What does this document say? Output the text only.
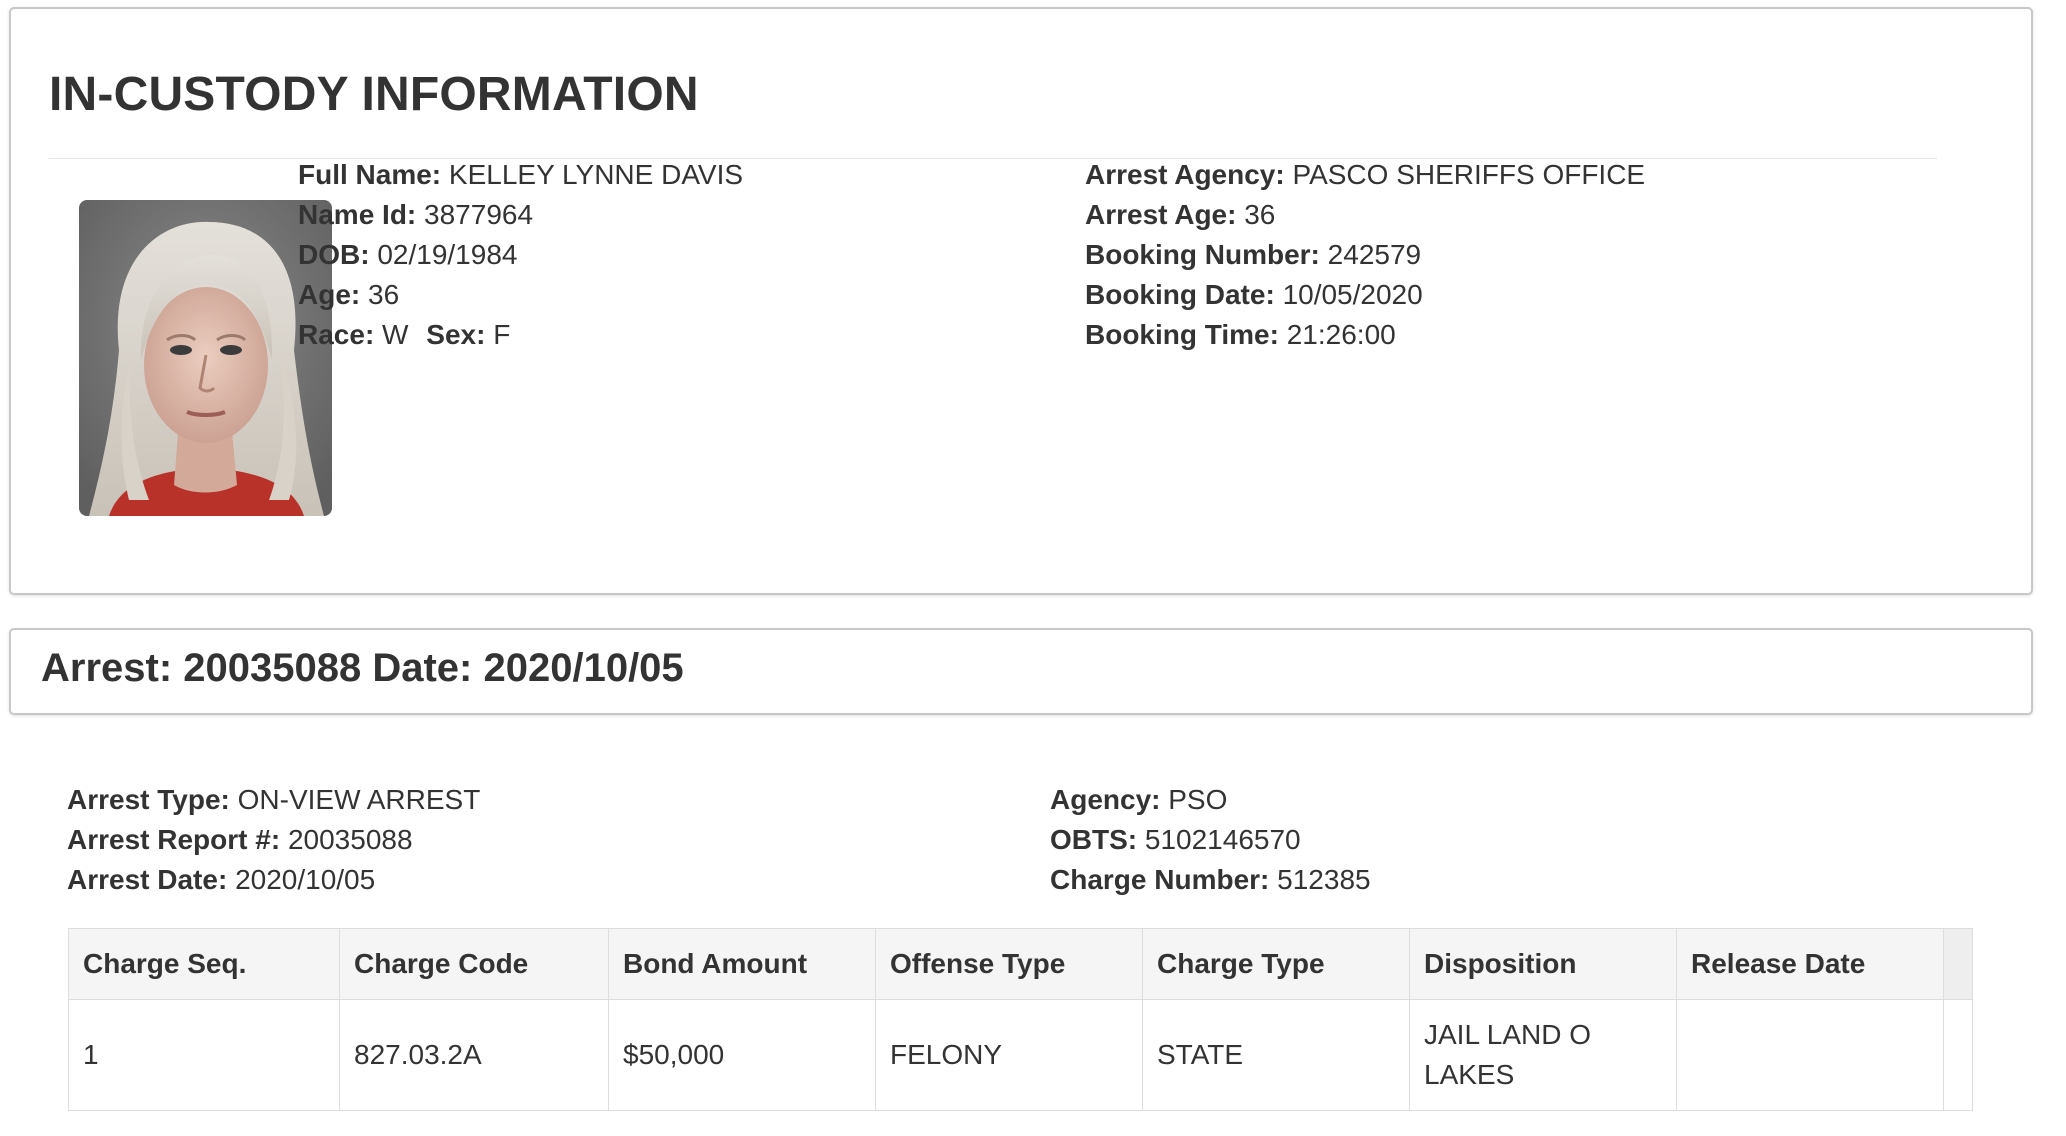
IN-CUSTODY INFORMATION
Full Name: KELLEY LYNNE DAVIS
Name Id: 3877964
DOB: 02/19/1984
Age: 36
Race: W Sex: F
Arrest Agency: PASCO SHERIFFS OFFICE
Arrest Age: 36
Booking Number: 242579
Booking Date: 10/05/2020
Booking Time: 21:26:00
Arrest: 20035088 Date: 2020/10/05
Arrest Type: ON-VIEW ARREST
Arrest Report #: 20035088
Arrest Date: 2020/10/05
Agency: PSO
OBTS: 5102146570
Charge Number: 512385
Charge Seq.	Charge Code	Bond Amount	Offense Type	Charge Type	Disposition	Release Date	
1	827.03.2A	$50,000	FELONY	STATE	JAIL LAND O LAKES		
